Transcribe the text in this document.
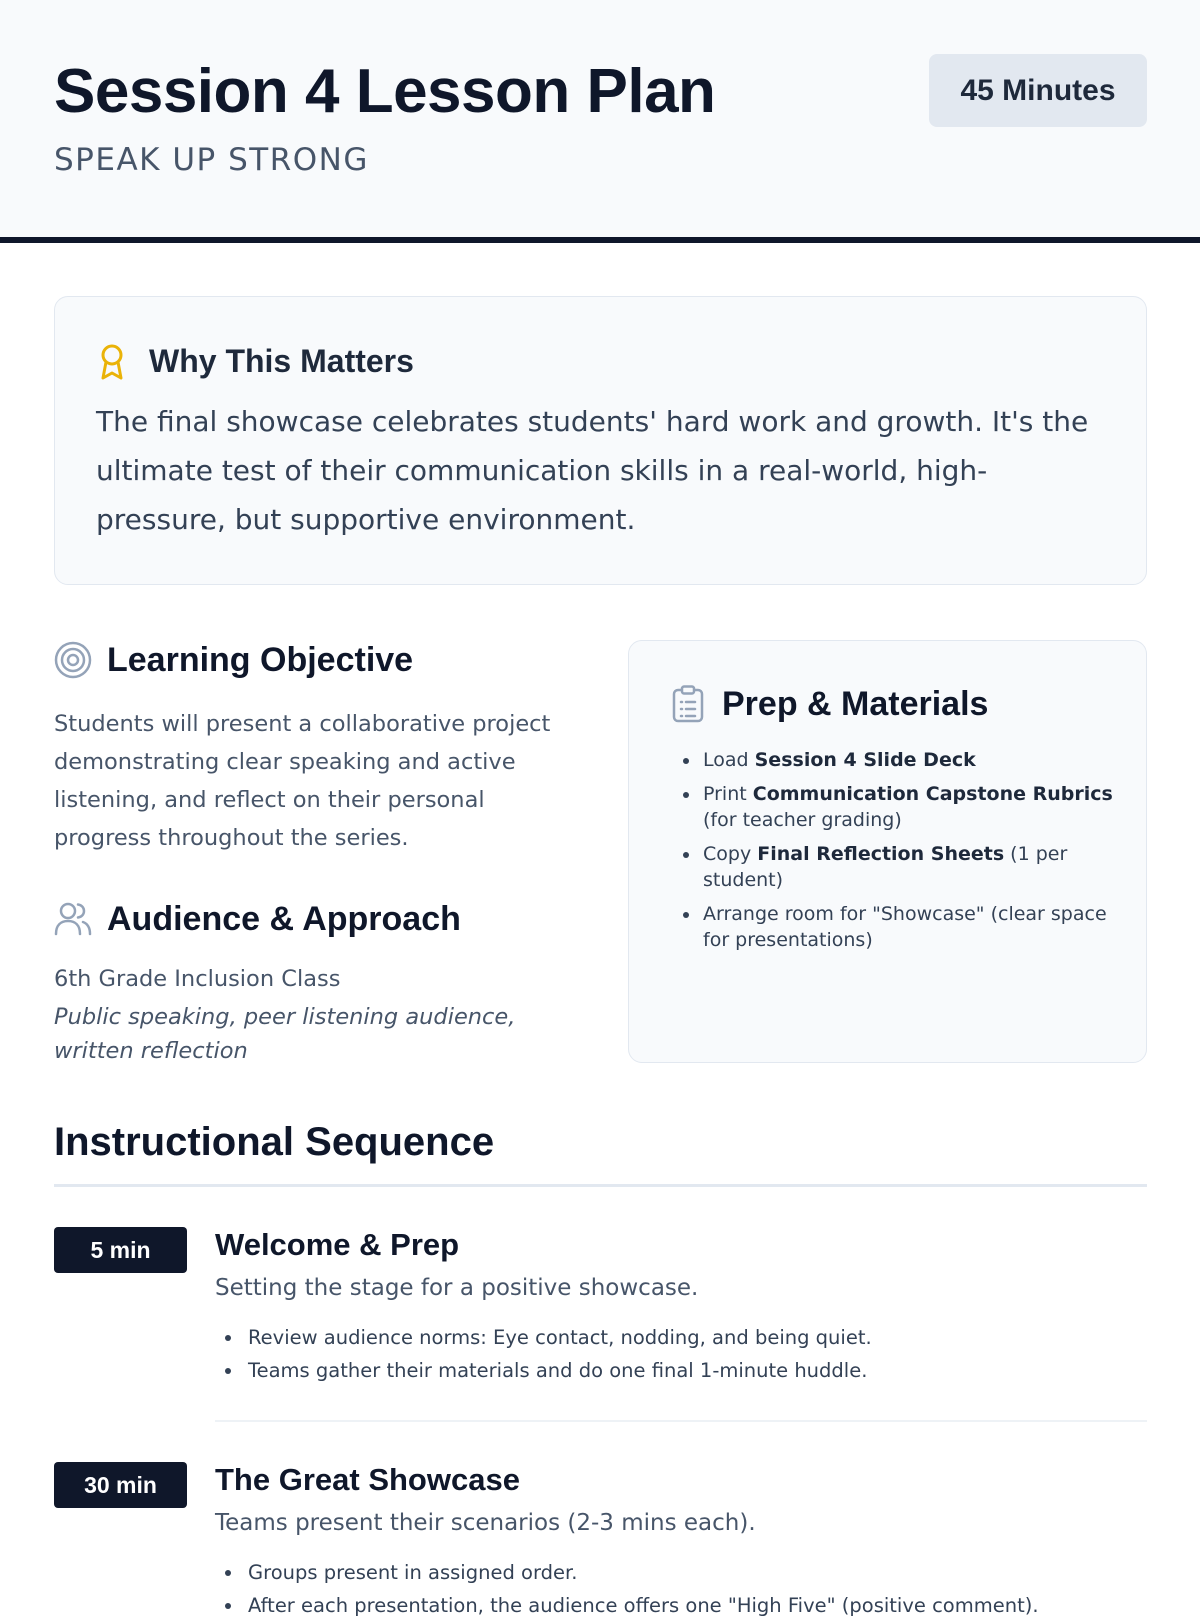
Session 4 Lesson Plan
SPEAK UP STRONG
45 Minutes
Why This Matters

The final showcase celebrates students' hard work and growth. It's the ultimate test of their communication skills in a real-world, high-pressure, but supportive environment.

Learning Objective

Students will present a collaborative project demonstrating clear speaking and active listening, and reflect on their personal progress throughout the series.

Audience & Approach
6th Grade Inclusion Class
Public speaking, peer listening audience, written reflection
Prep & Materials
Load Session 4 Slide Deck
Print Communication Capstone Rubrics (for teacher grading)
Copy Final Reflection Sheets (1 per student)
Arrange room for "Showcase" (clear space for presentations)
Instructional Sequence
5 min	Welcome & Prep
Setting the stage for a positive showcase.
Review audience norms: Eye contact, nodding, and being quiet.
Teams gather their materials and do one final 1-minute huddle.
30 min	The Great Showcase
Teams present their scenarios (2-3 mins each).
Groups present in assigned order.
After each presentation, the audience offers one "High Five" (positive comment).
